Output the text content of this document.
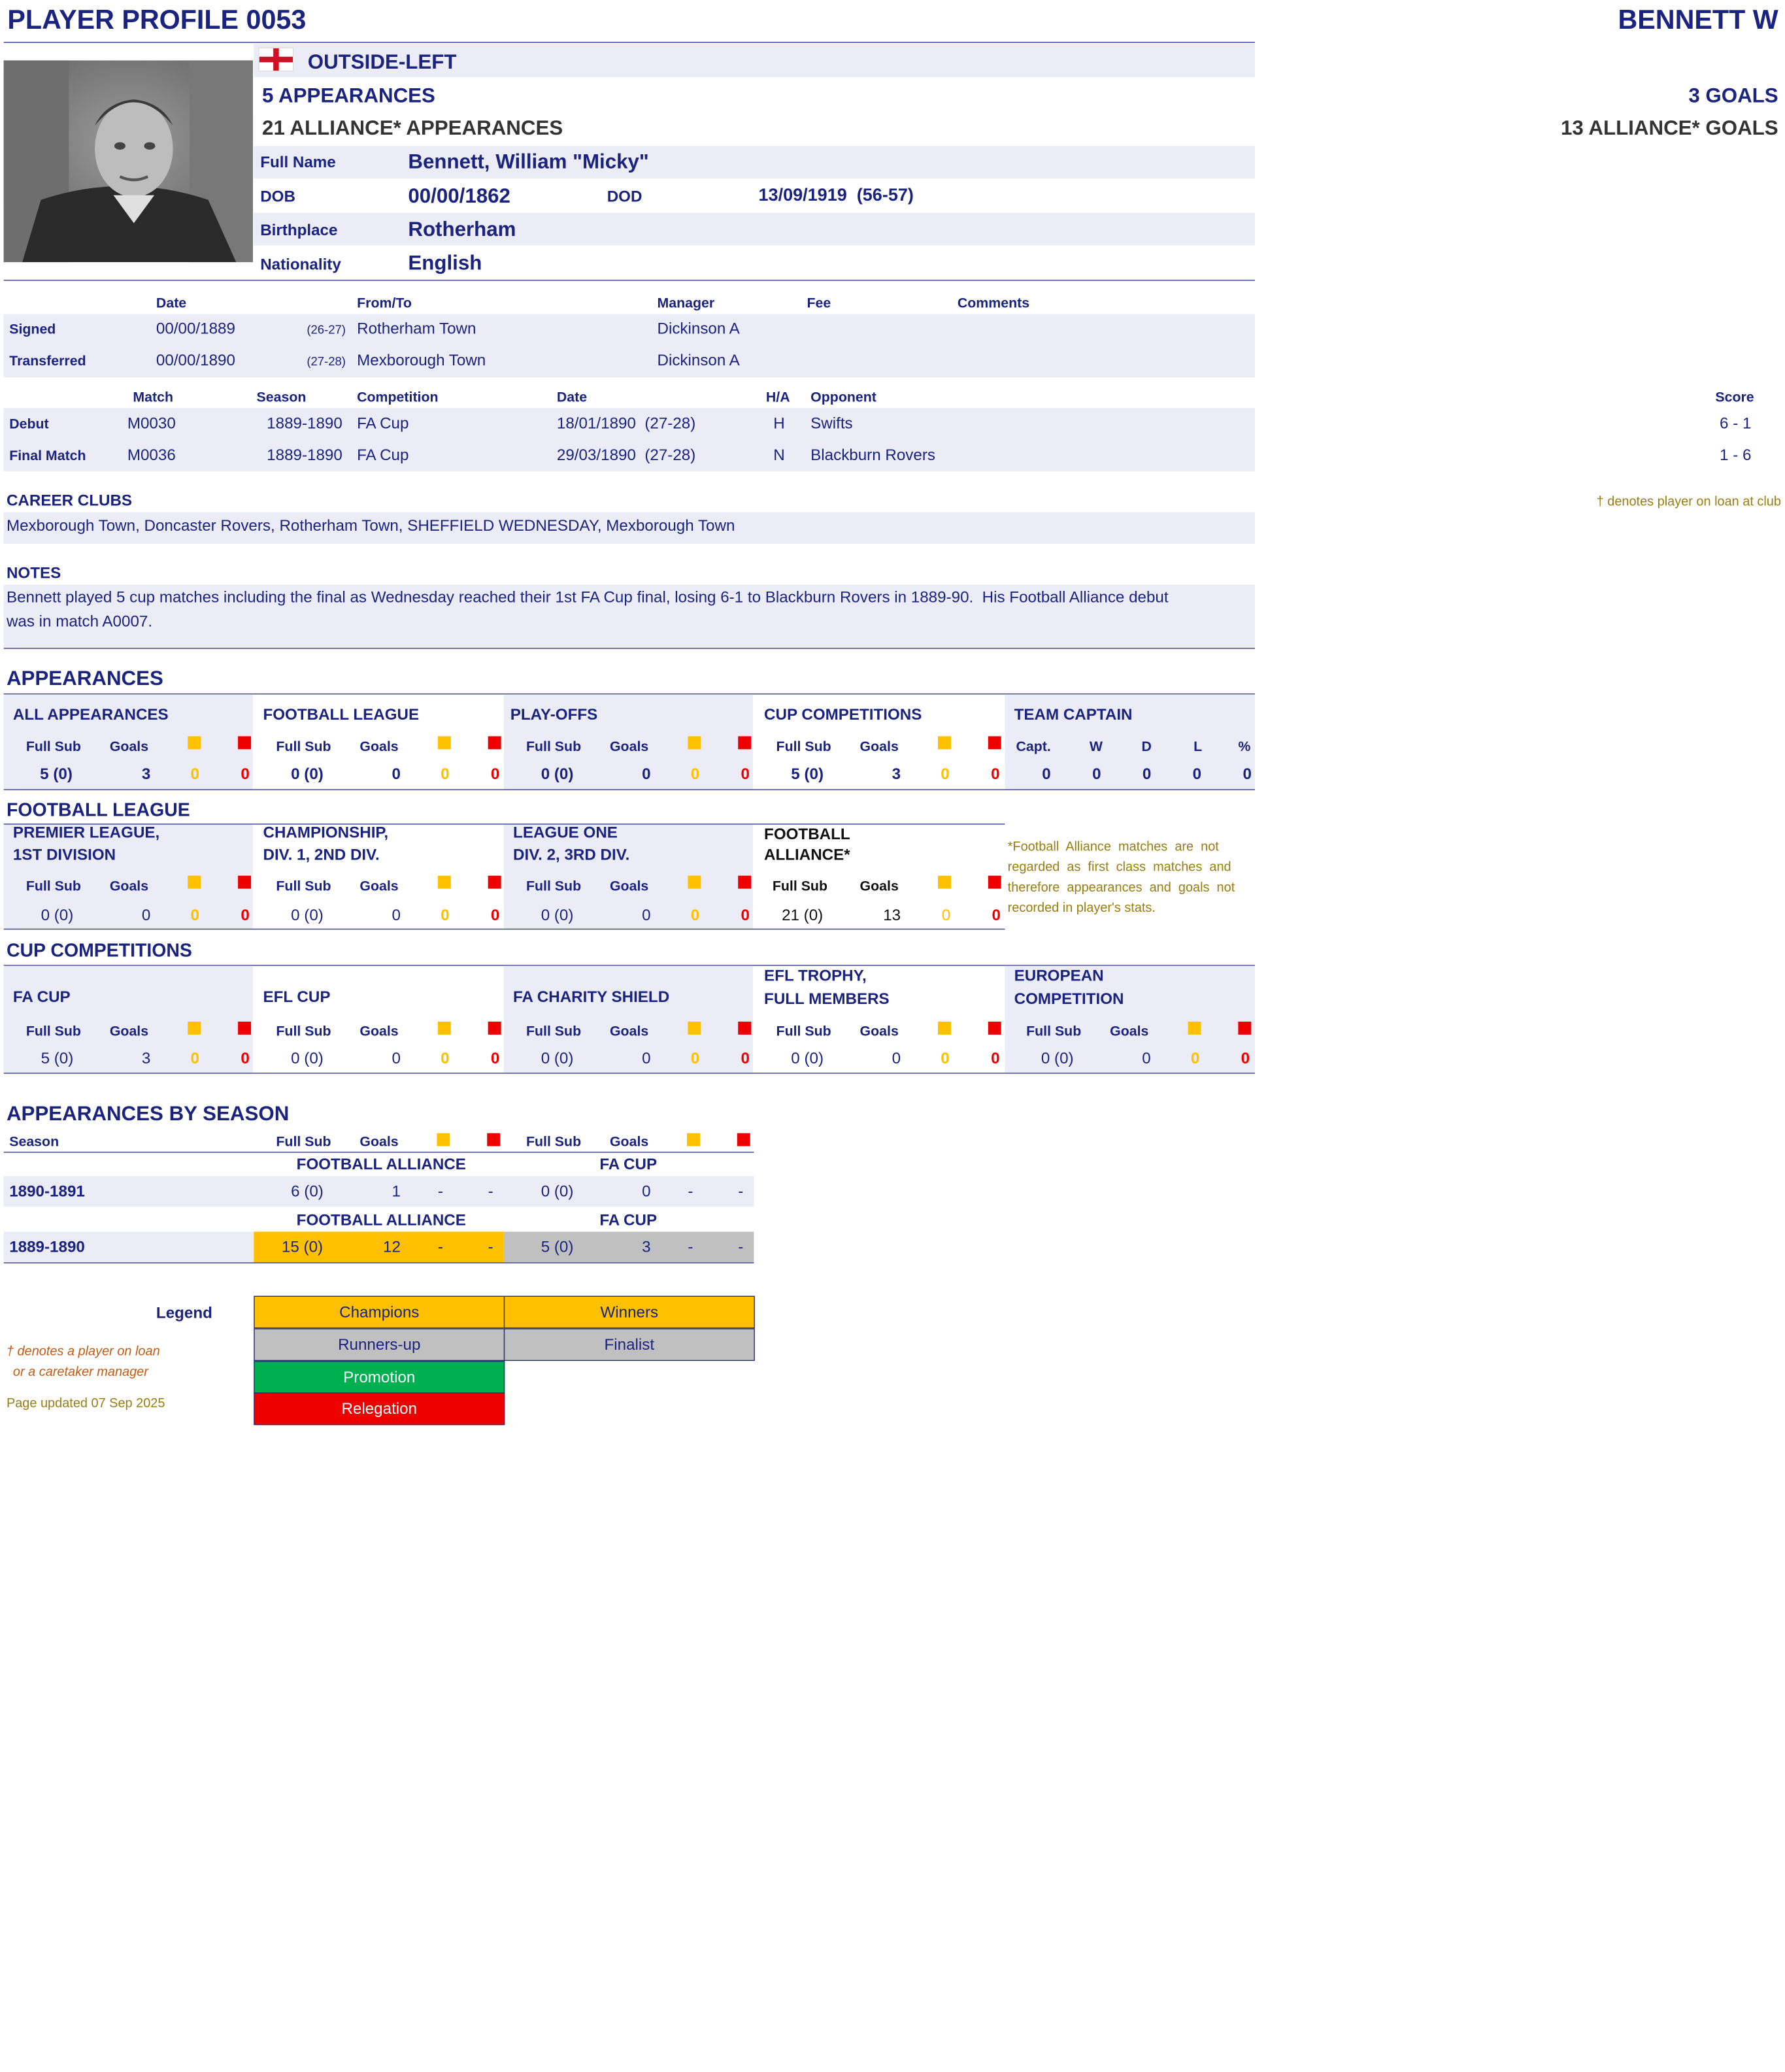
PLAYER PROFILE 0053	BENNETT W
OUTSIDE-LEFT
5 APPEARANCES	3 GOALS
21 ALLIANCE* APPEARANCES	13 ALLIANCE* GOALS
Full Name	Bennett, William "Micky"
DOB	00/00/1862	DOD	13/09/1919  (56-57)
Birthplace	Rotherham
Nationality	English
Date	From/To	Manager	Fee	Comments
Signed	00/00/1889	(26-27) Rotherham Town	Dickinson A
Transferred	00/00/1890	(27-28) Mexborough Town	Dickinson A
Match	Season	Competition	Date	H/A Opponent	Score
Debut	M0030	1889-1890 FA Cup	18/01/1890  (27-28)	H Swifts	6 - 1
Final Match	M0036	1889-1890 FA Cup	29/03/1890  (27-28)	N Blackburn Rovers	1 - 6
CAREER CLUBS	† denotes player on loan at club
Mexborough Town, Doncaster Rovers, Rotherham Town, SHEFFIELD WEDNESDAY, Mexborough Town
NOTES
Bennett played 5 cup matches including the final as Wednesday reached their 1st FA Cup final, losing 6-1 to Blackburn Rovers in 1889-90.  His Football Alliance debut
was in match A0007.
APPEARANCES
ALL APPEARANCES
Full Sub	Goals
5 (0)	3	0	0
FOOTBALL LEAGUE
Full Sub	Goals
0 (0)	0	0	0
PLAY-OFFS
Full Sub	Goals
0 (0)	0	0	0
CUP COMPETITIONS
Full Sub	Goals
5 (0)	3	0	0
TEAM CAPTAIN
Capt.	W	D	L	%
0	0	0	0	0
FOOTBALL LEAGUE
PREMIER LEAGUE,
1ST DIVISION
Full Sub	Goals
0 (0)	0	0	0
CHAMPIONSHIP,
DIV. 1, 2ND DIV.
Full Sub	Goals
0 (0)	0	0	0
LEAGUE ONE
DIV. 2, 3RD DIV.
Full Sub	Goals
0 (0)	0	0	0
FOOTBALL
ALLIANCE*
Full Sub	Goals
21 (0)	13	0	0
*Football  Alliance  matches  are  not
regarded  as  first  class  matches  and
therefore  appearances  and  goals  not
recorded in player's stats.
CUP COMPETITIONS
FA CUP
Full Sub	Goals
5 (0)	3	0	0
EFL CUP
Full Sub	Goals
0 (0)	0	0	0
FA CHARITY SHIELD
Full Sub	Goals
0 (0)	0	0	0
EFL TROPHY,
FULL MEMBERS
Full Sub	Goals
0 (0)	0	0	0
EUROPEAN
COMPETITION
Full Sub	Goals
0 (0)	0	0	0
APPEARANCES BY SEASON
Season	Full Sub	Goals	Full Sub	Goals
FOOTBALL ALLIANCE	FA CUP
1890-1891	6 (0)	1	-	-	0 (0)	0	-	-
FOOTBALL ALLIANCE	FA CUP
1889-1890	15 (0)	12	-	-	5 (0)	3	-	-
Legend	Champions	Winners
Runners-up	Finalist
Promotion
Relegation
† denotes a player on loan
or a caretaker manager
Page updated 07 Sep 2025
